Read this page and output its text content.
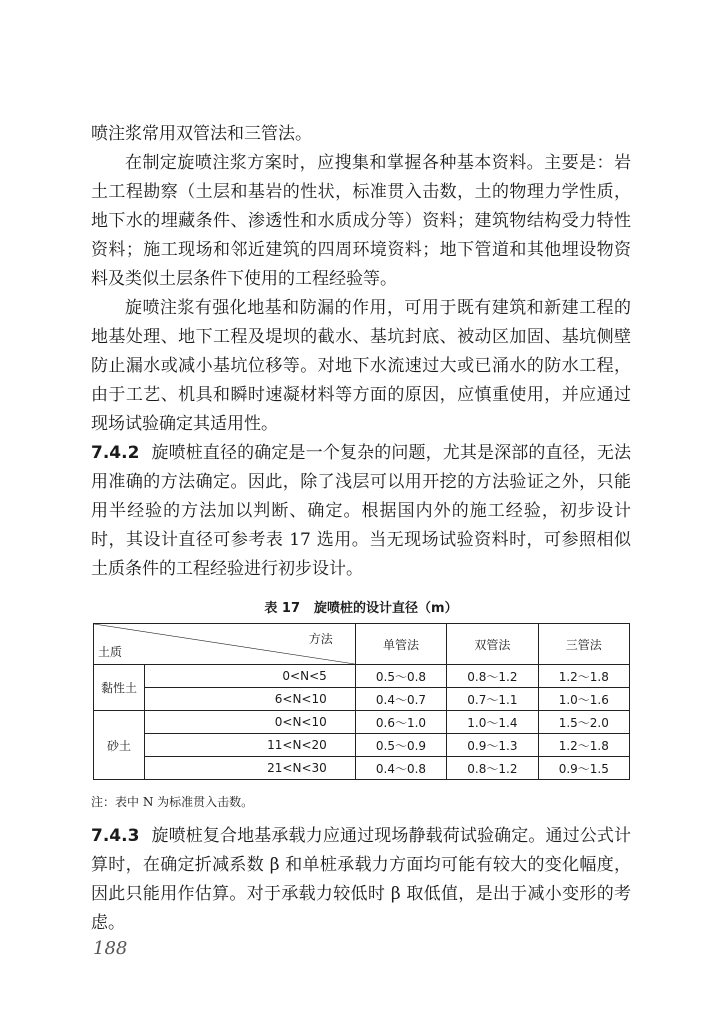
喷注浆常用双管法和三管法。

在制定旋喷注浆方案时，应搜集和掌握各种基本资料。主要是：岩土工程勘察（土层和基岩的性状，标准贯入击数，土的物理力学性质，地下水的埋藏条件、渗透性和水质成分等）资料；建筑物结构受力特性资料；施工现场和邻近建筑的四周环境资料；地下管道和其他埋设物资料及类似土层条件下使用的工程经验等。

旋喷注浆有强化地基和防漏的作用，可用于既有建筑和新建工程的地基处理、地下工程及堤坝的截水、基坑封底、被动区加固、基坑侧壁防止漏水或减小基坑位移等。对地下水流速过大或已涌水的防水工程，由于工艺、机具和瞬时速凝材料等方面的原因，应慎重使用，并应通过现场试验确定其适用性。

7.4.2 旋喷桩直径的确定是一个复杂的问题，尤其是深部的直径，无法用准确的方法确定。因此，除了浅层可以用开挖的方法验证之外，只能用半经验的方法加以判断、确定。根据国内外的施工经验，初步设计时，其设计直径可参考表 17 选用。当无现场试验资料时，可参照相似土质条件的工程经验进行初步设计。

表 17 旋喷桩的设计直径（m）
方法
土质		单管法	双管法	三管法
黏性土	0<N<5	0.5～0.8	0.8～1.2	1.2～1.8
	6<N<10	0.4～0.7	0.7～1.1	1.0～1.6
砂土	0<N<10	0.6～1.0	1.0～1.4	1.5～2.0
	11<N<20	0.5～0.9	0.9～1.3	1.2～1.8
	21<N<30	0.4～0.8	0.8～1.2	0.9～1.5
注：表中 N 为标准贯入击数。

7.4.3 旋喷桩复合地基承载力应通过现场静载荷试验确定。通过公式计算时，在确定折减系数 β 和单桩承载力方面均可能有较大的变化幅度，因此只能用作估算。对于承载力较低时 β 取低值，是出于减小变形的考虑。

188
